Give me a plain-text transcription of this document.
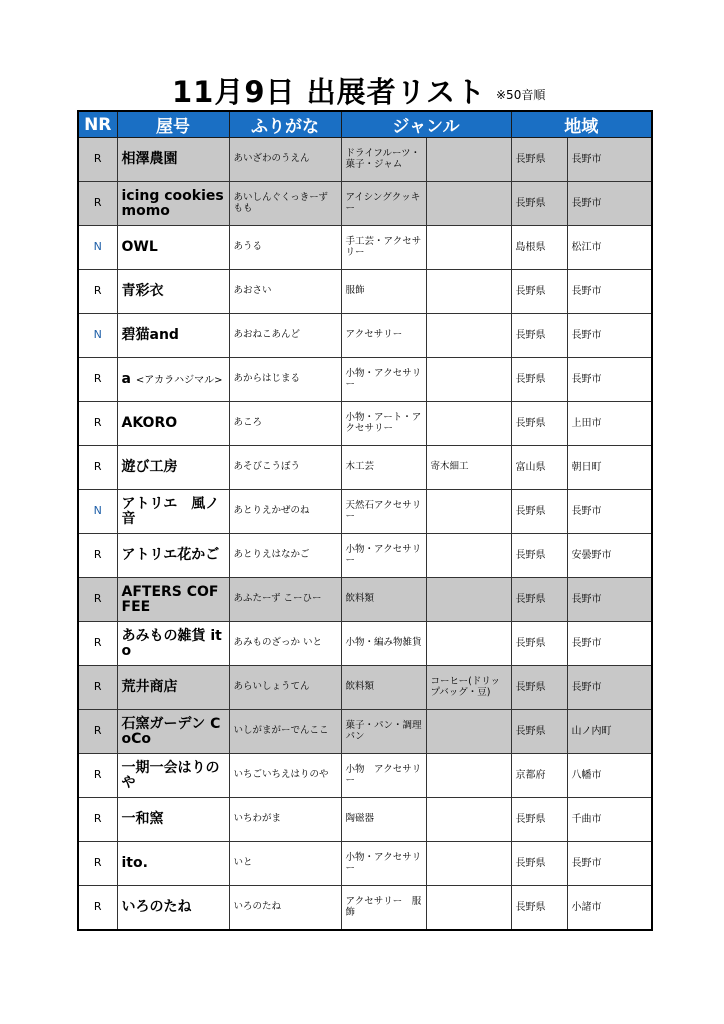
11月9日 出展者リスト ※50音順
NR	屋号	ふりがな	ジャンル		地域	
R	相澤農園	あいざわのうえん	ドライフルーツ・菓子・ジャム		長野県	長野市
R	icing cookies momo	あいしんぐくっきーずもも	アイシングクッキー		長野県	長野市
N	OWL	あうる	手工芸・アクセサリー		島根県	松江市
R	青彩衣	あおさい	服飾		長野県	長野市
N	碧猫and	あおねこあんど	アクセサリー		長野県	長野市
R	a <アカラハジマル>	あからはじまる	小物・アクセサリー		長野県	長野市
R	AKORO	あころ	小物・アート・アクセサリー		長野県	上田市
R	遊び工房	あそびこうぼう	木工芸	寄木細工	富山県	朝日町
N	アトリエ　風ノ音	あとりえかぜのね	天然石アクセサリー		長野県	長野市
R	アトリエ花かご	あとりえはなかご	小物・アクセサリー		長野県	安曇野市
R	AFTERS COFFEE	あふたーず こーひー	飲料類		長野県	長野市
R	あみもの雑貨 ito	あみものざっか いと	小物・編み物雑貨		長野県	長野市
R	荒井商店	あらいしょうてん	飲料類	コーヒー(ドリップバッグ・豆)	長野県	長野市
R	石窯ガーデン CoCo	いしがまがーでんここ	菓子・パン・調理パン		長野県	山ノ内町
R	一期一会はりのや	いちごいちえはりのや	小物　アクセサリー		京都府	八幡市
R	一和窯	いちわがま	陶磁器		長野県	千曲市
R	ito.	いと	小物・アクセサリー		長野県	長野市
R	いろのたね	いろのたね	アクセサリー　服飾		長野県	小諸市
